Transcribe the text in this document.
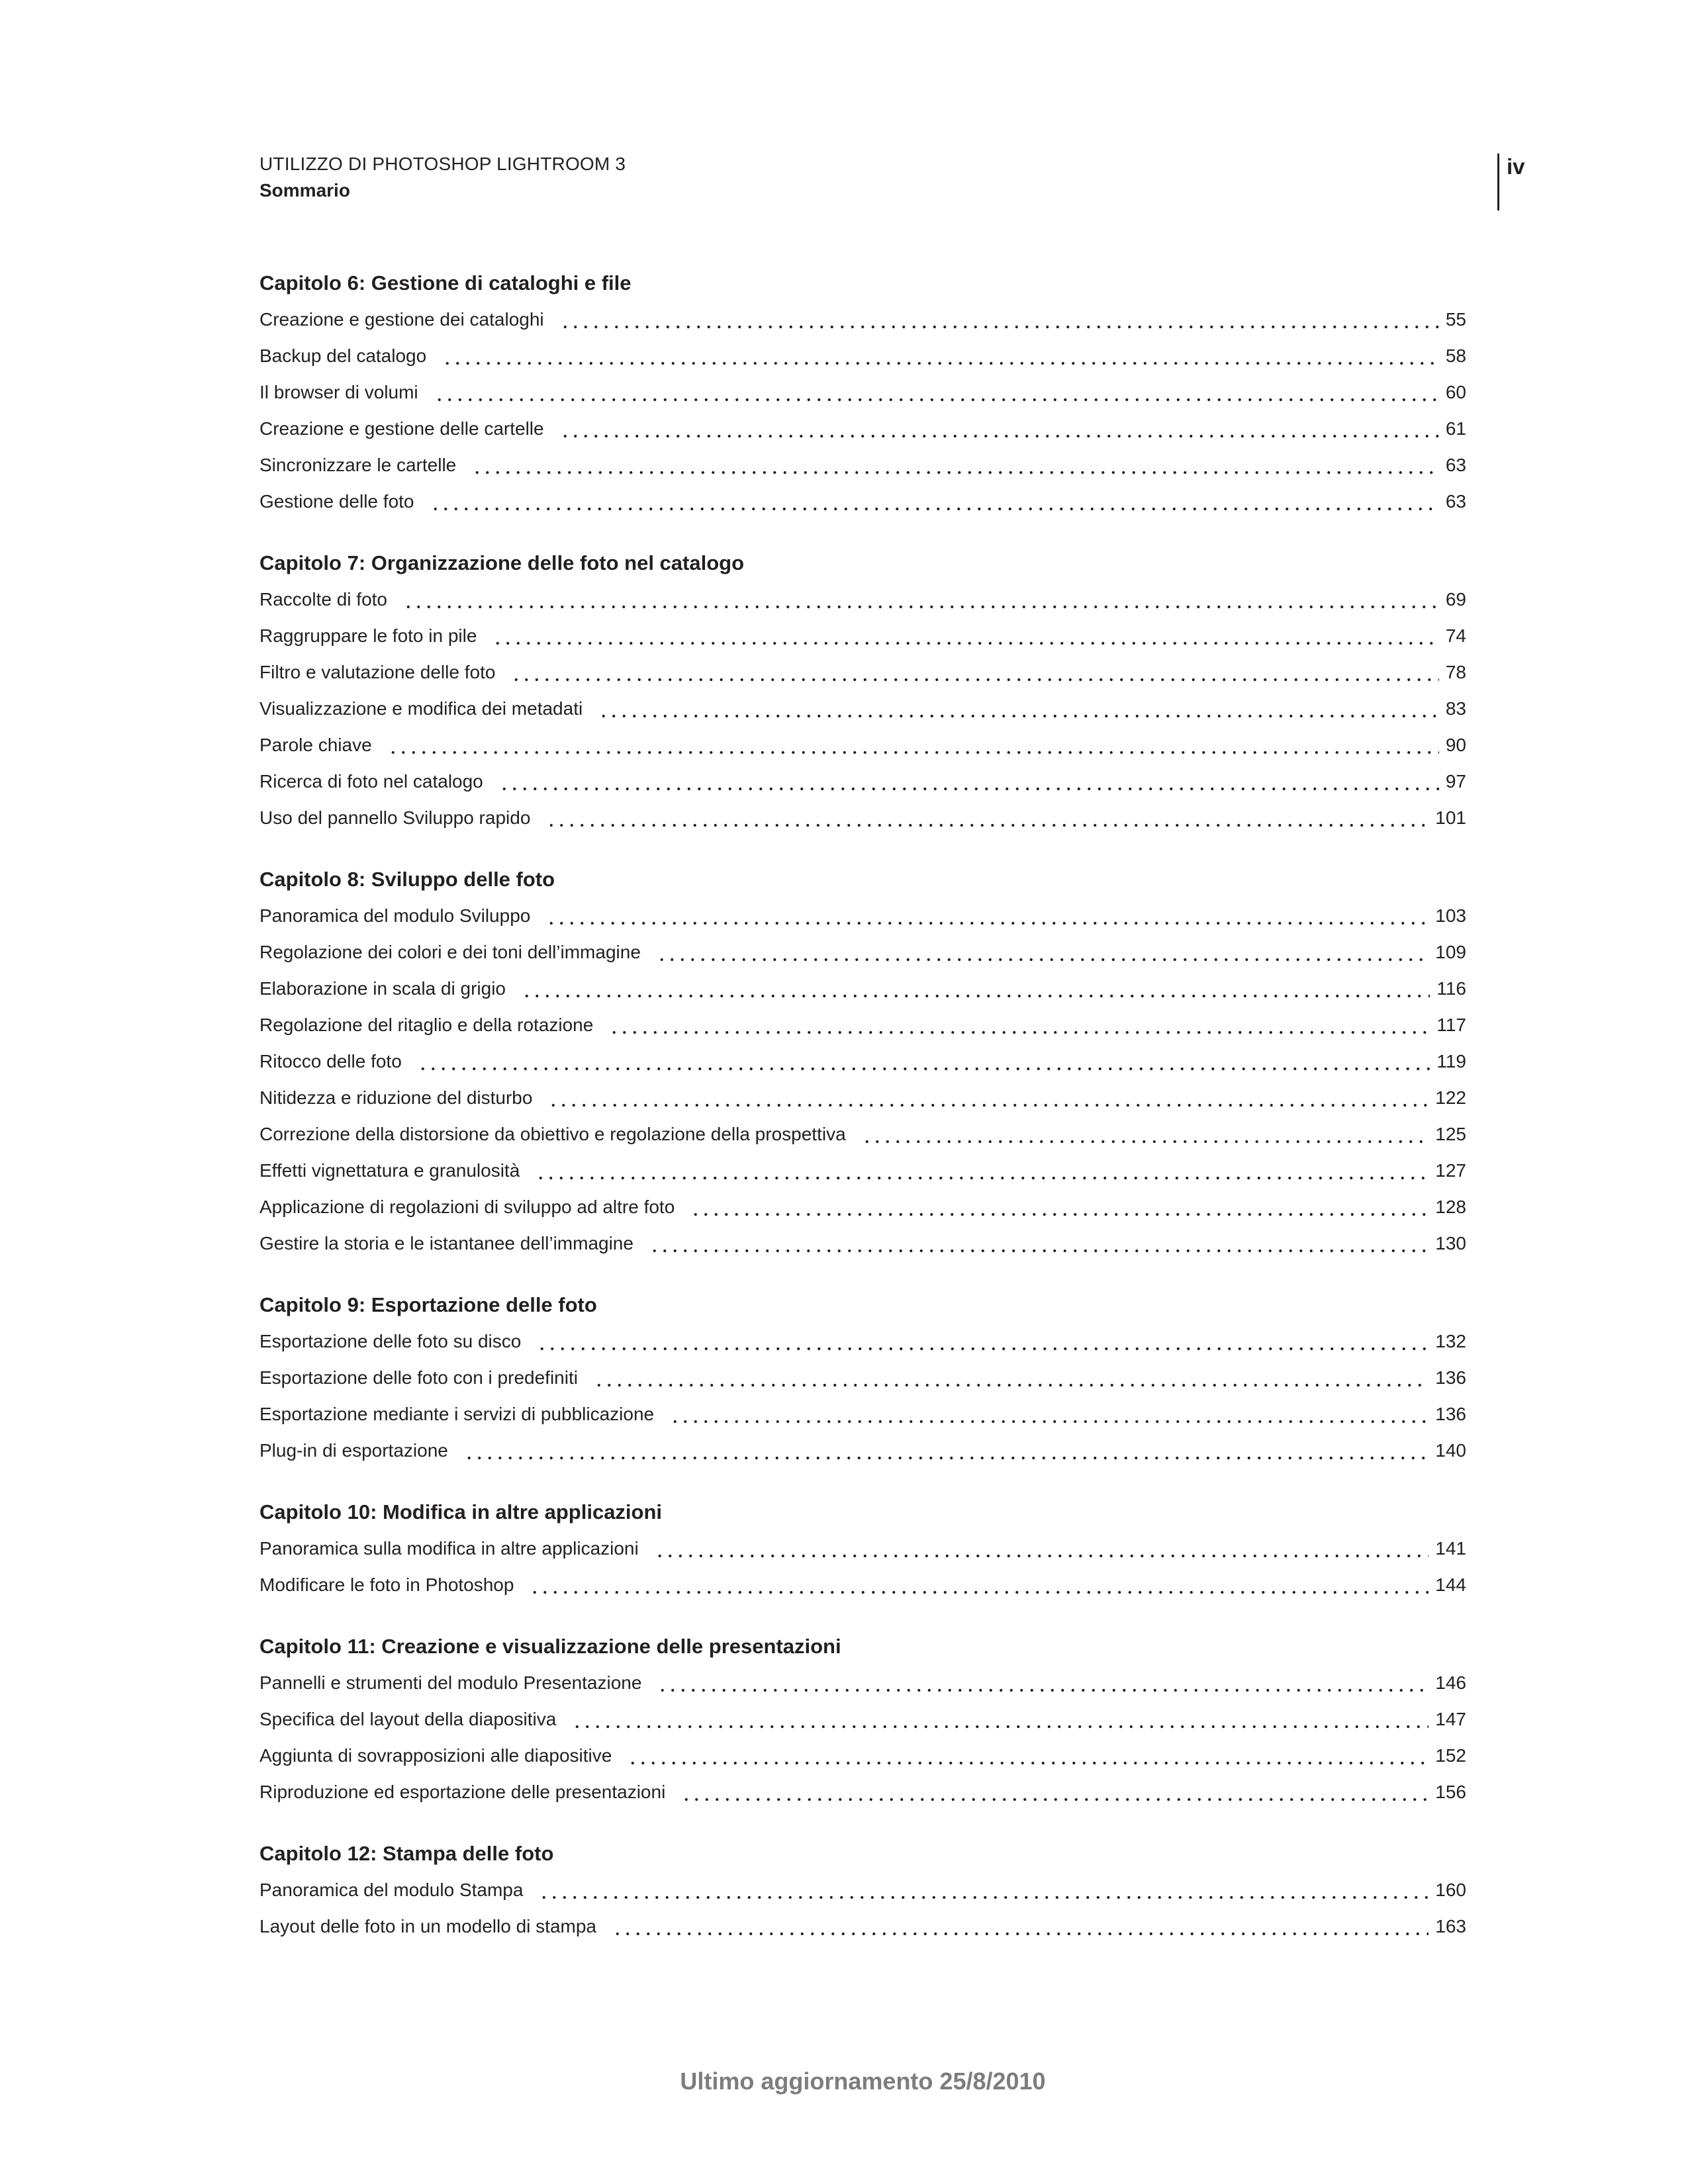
UTILIZZO DI PHOTOSHOP LIGHTROOM 3
Sommario
iv
Capitolo 6: Gestione di cataloghi e file
Creazione e gestione dei cataloghi	55
Backup del catalogo	58
Il browser di volumi	60
Creazione e gestione delle cartelle	61
Sincronizzare le cartelle	63
Gestione delle foto	63
Capitolo 7: Organizzazione delle foto nel catalogo
Raccolte di foto	69
Raggruppare le foto in pile	74
Filtro e valutazione delle foto	78
Visualizzazione e modifica dei metadati	83
Parole chiave	90
Ricerca di foto nel catalogo	97
Uso del pannello Sviluppo rapido	101
Capitolo 8: Sviluppo delle foto
Panoramica del modulo Sviluppo	103
Regolazione dei colori e dei toni dell’immagine	109
Elaborazione in scala di grigio	116
Regolazione del ritaglio e della rotazione	117
Ritocco delle foto	119
Nitidezza e riduzione del disturbo	122
Correzione della distorsione da obiettivo e regolazione della prospettiva	125
Effetti vignettatura e granulosità	127
Applicazione di regolazioni di sviluppo ad altre foto	128
Gestire la storia e le istantanee dell’immagine	130
Capitolo 9: Esportazione delle foto
Esportazione delle foto su disco	132
Esportazione delle foto con i predefiniti	136
Esportazione mediante i servizi di pubblicazione	136
Plug-in di esportazione	140
Capitolo 10: Modifica in altre applicazioni
Panoramica sulla modifica in altre applicazioni	141
Modificare le foto in Photoshop	144
Capitolo 11: Creazione e visualizzazione delle presentazioni
Pannelli e strumenti del modulo Presentazione	146
Specifica del layout della diapositiva	147
Aggiunta di sovrapposizioni alle diapositive	152
Riproduzione ed esportazione delle presentazioni	156
Capitolo 12: Stampa delle foto
Panoramica del modulo Stampa	160
Layout delle foto in un modello di stampa	163
Ultimo aggiornamento 25/8/2010
